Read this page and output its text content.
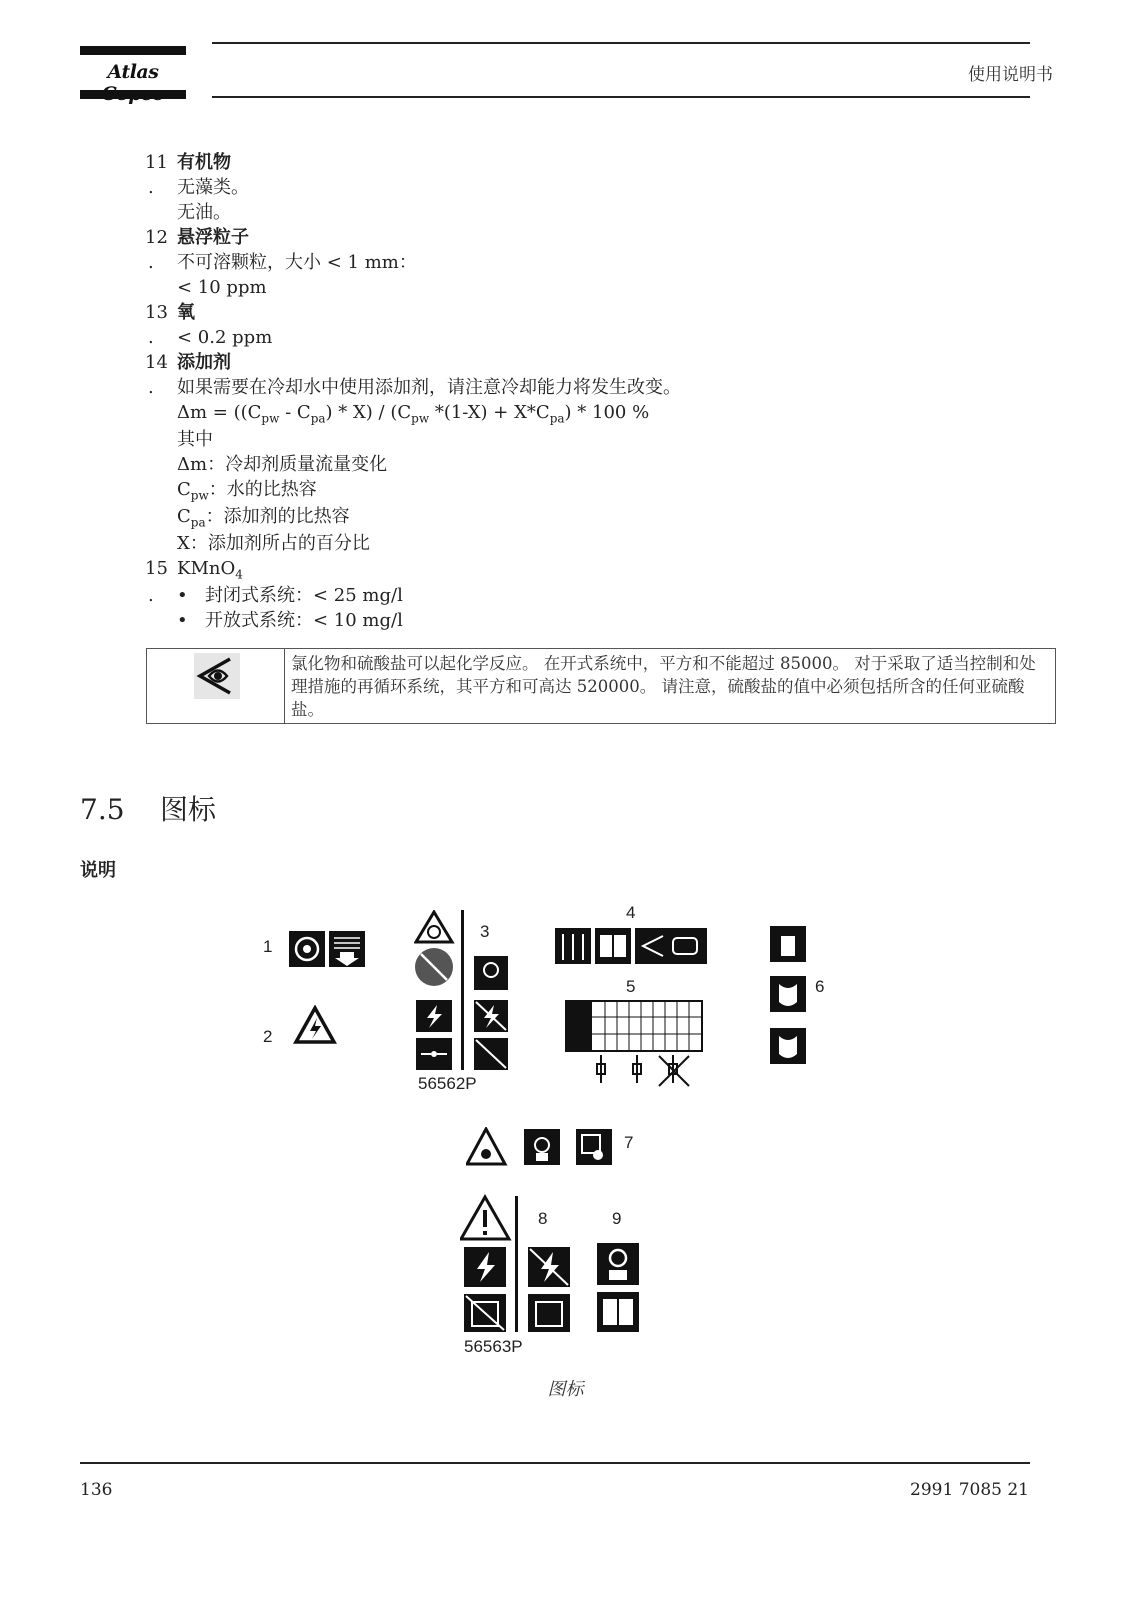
Atlas	使用说明书
11 有机物
.	无藻类。
无油。
12 悬浮粒子
.	不可溶颗粒，大小 < 1 mm：
< 10 ppm
13 氧
.	< 0.2 ppm
14 添加剂
.	如果需要在冷却水中使用添加剂，请注意冷却能力将发生改变。
$\Delta m = ((C_{pw} - C_{pa}) * X) / (C_{pw}$ $*(1-X) + X*C_{pa}) * 100$ %
其中
Δm：冷却剂质量流量变化
$C_{pw}$：水的比热容
$C_{pa}$：添加剂的比热容
X：添加剂所占的百分比
15 KMnO$_4$
.	• 封闭式系统：< 25 mg/l
• 开放式系统：< 10 mg/l
氯化物和硫酸盐可以起化学反应。 在开式系统中，平方和不能超过 85000。 对于采取了适当控制和处理措施的再循环系统，其平方和可高达 520000。 请注意，硫酸盐的值中必须包括所含的任何亚硫酸盐。
7.5 图标
说明
1
2
3
56562P
4
5	6
7
8
56563P
9
图标
136	2991 7085 21
